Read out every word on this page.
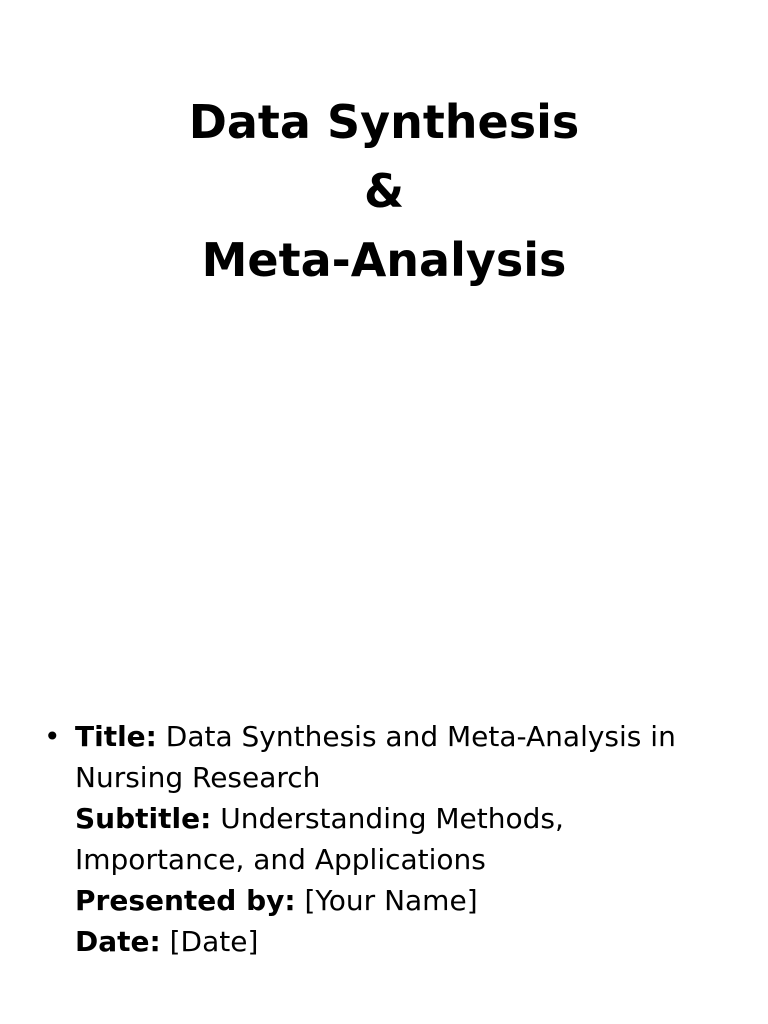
Data Synthesis
&
Meta-Analysis
• Title: Data Synthesis and Meta-Analysis in
Nursing Research
Subtitle: Understanding Methods,
Importance, and Applications
Presented by: [Your Name]
Date: [Date]
